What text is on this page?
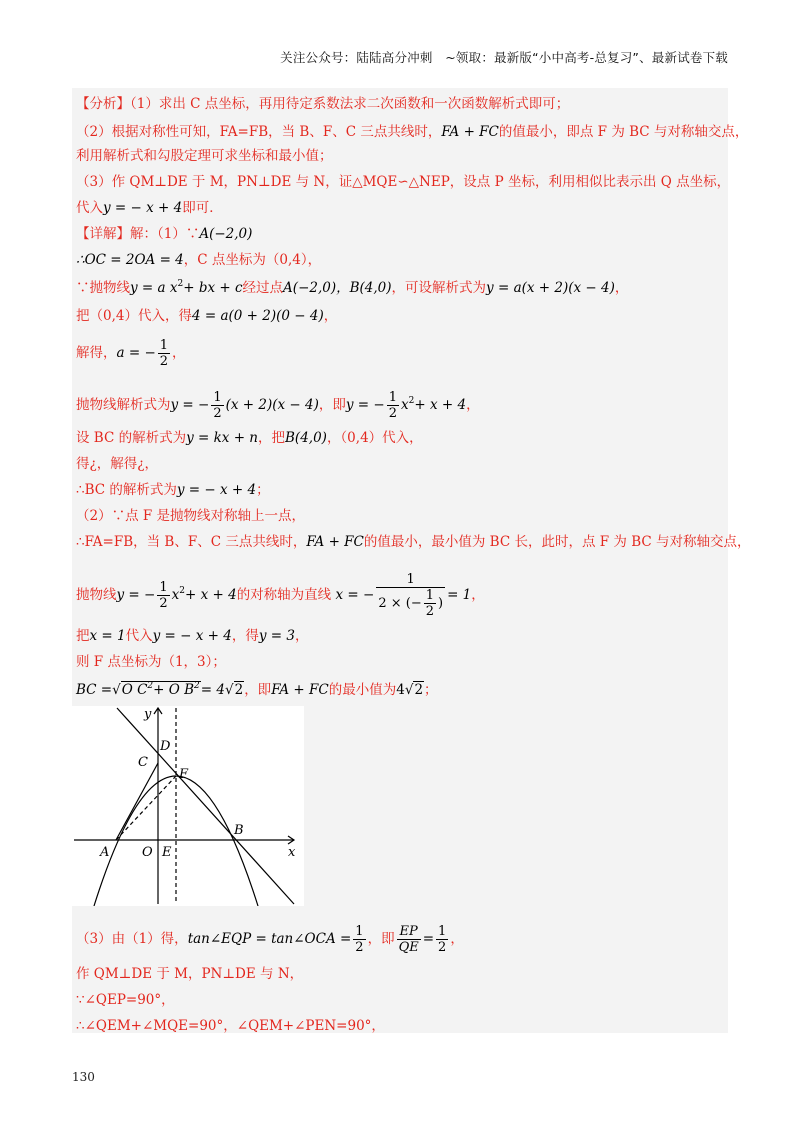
关注公众号：陆陆高分冲刺　~领取：最新版“小中高考-总复习”、最新试卷下载
【分析】（1）求出 C 点坐标，再用待定系数法求二次函数和一次函数解析式即可；
（2）根据对称性可知，FA=FB，当 B、F、C 三点共线时，FA + FC的值最小，即点 F 为 BC 与对称轴交点，
利用解析式和勾股定理可求坐标和最小值；
（3）作 QM⊥DE 于 M，PN⊥DE 与 N，证△MQE∽△NEP，设点 P 坐标，利用相似比表示出 Q 点坐标，
代入y = − x + 4即可．
【详解】解：（1）∵A(−2,0)
∴OC = 2OA = 4，C 点坐标为（0,4），
∵抛物线y = a $x^2+$ bx + c经过点A(−2,0)，B(4,0)，可设解析式为y = a(x + 2)(x − 4)，
把（0,4）代入，得4 = a(0 + 2)(0 − 4)，
解得，a = − $\frac{1}{2}$ ，
抛物线解析式为y = − $\frac{1}{2} (x + 2)(x - 4)$，即y = − $\frac{1}{2} x^2+ x + 4$，
设 BC 的解析式为y = kx + n，把B(4,0)，（0,4）代入，
得¿，解得¿，
∴BC 的解析式为y = − x + 4；
（2）∵点 F 是抛物线对称轴上一点，
∴FA=FB，当 B、F、C 三点共线时，FA + FC的值最小，最小值为 BC 长，此时，点 F 为 BC 与对称轴交点，
抛物线y = − $\frac{1}{2} x^2+ x + 4$的对称轴为直线 x = − $\frac{1}{2 \times (- \frac{1}{2} )} = 1$，
把x = 1代入y = − x + 4，得y = 3，
则 F 点坐标为（1，3）；
BC =√O $C^2+ O$ $B^2= 4√2$，即FA + FC的最小值为4√2；
y
x
D
C
F
B
A	O E
（3）由（1）得，tan∠EQP = tan∠OCA = $\frac{1}{2}$ ，即 $\frac{EP}{QE} = \frac{1}{2}$ ，
作 QM⊥DE 于 M，PN⊥DE 与 N，
∵∠QEP=90°，
∴∠QEM+∠MQE=90°，∠QEM+∠PEN=90°，
130
